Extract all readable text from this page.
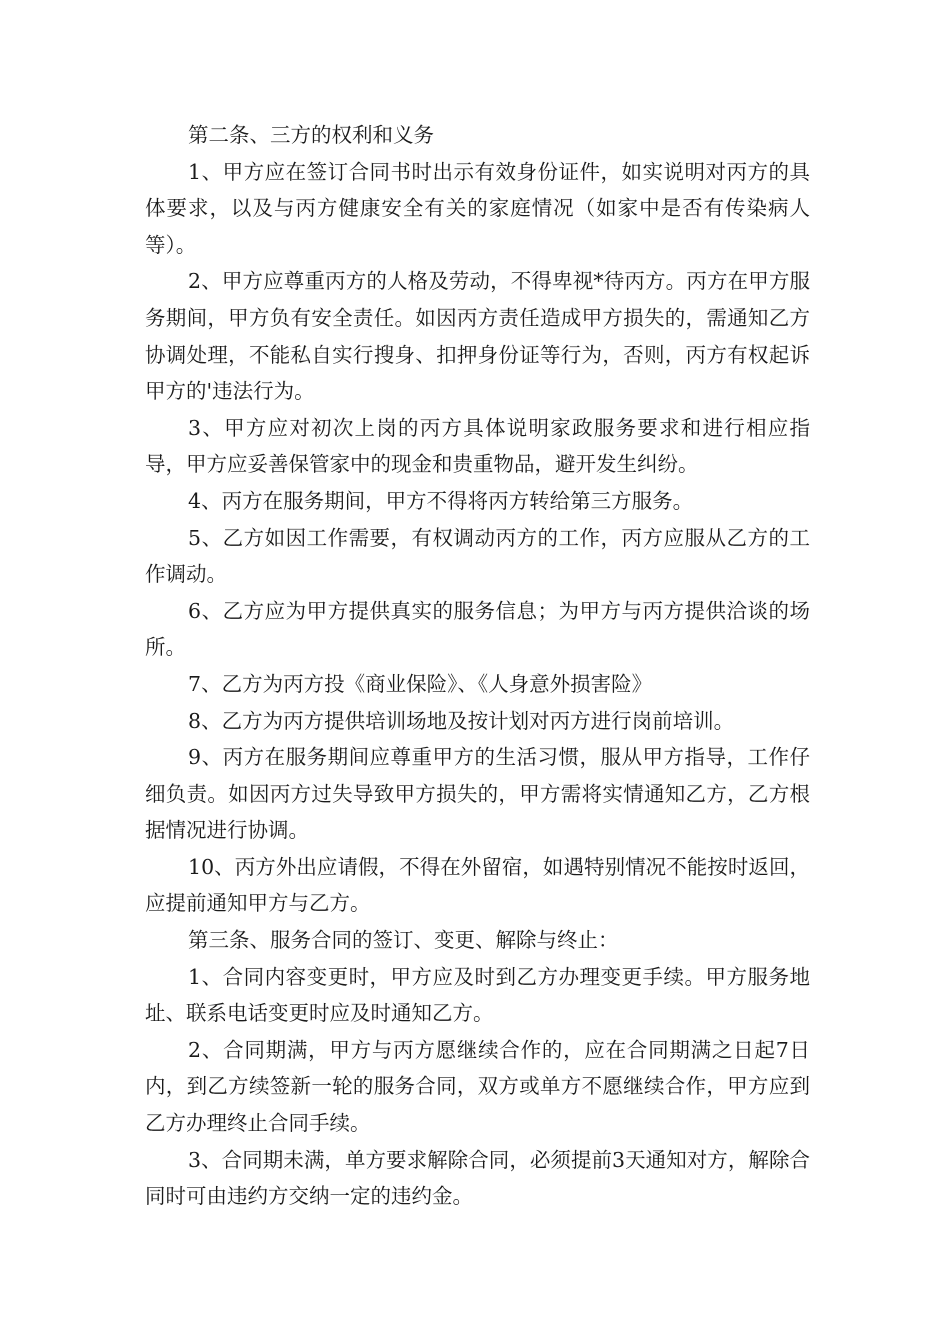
第二条、三方的权利和义务

1、甲方应在签订合同书时出示有效身份证件，如实说明对丙方的具体要求，以及与丙方健康安全有关的家庭情况（如家中是否有传染病人等）。

2、甲方应尊重丙方的人格及劳动，不得卑视*待丙方。丙方在甲方服务期间，甲方负有安全责任。如因丙方责任造成甲方损失的，需通知乙方协调处理，不能私自实行搜身、扣押身份证等行为，否则，丙方有权起诉甲方的'违法行为。

3、甲方应对初次上岗的丙方具体说明家政服务要求和进行相应指导，甲方应妥善保管家中的现金和贵重物品，避开发生纠纷。

4、丙方在服务期间，甲方不得将丙方转给第三方服务。

5、乙方如因工作需要，有权调动丙方的工作，丙方应服从乙方的工作调动。

6、乙方应为甲方提供真实的服务信息；为甲方与丙方提供洽谈的场所。

7、乙方为丙方投《商业保险》、《人身意外损害险》

8、乙方为丙方提供培训场地及按计划对丙方进行岗前培训。

9、丙方在服务期间应尊重甲方的生活习惯，服从甲方指导，工作仔细负责。如因丙方过失导致甲方损失的，甲方需将实情通知乙方，乙方根据情况进行协调。

10、丙方外出应请假，不得在外留宿，如遇特别情况不能按时返回，应提前通知甲方与乙方。

第三条、服务合同的签订、变更、解除与终止：

1、合同内容变更时，甲方应及时到乙方办理变更手续。甲方服务地址、联系电话变更时应及时通知乙方。

2、合同期满，甲方与丙方愿继续合作的，应在合同期满之日起7日内，到乙方续签新一轮的服务合同，双方或单方不愿继续合作，甲方应到乙方办理终止合同手续。

3、合同期未满，单方要求解除合同，必须提前3天通知对方，解除合同时可由违约方交纳一定的违约金。
